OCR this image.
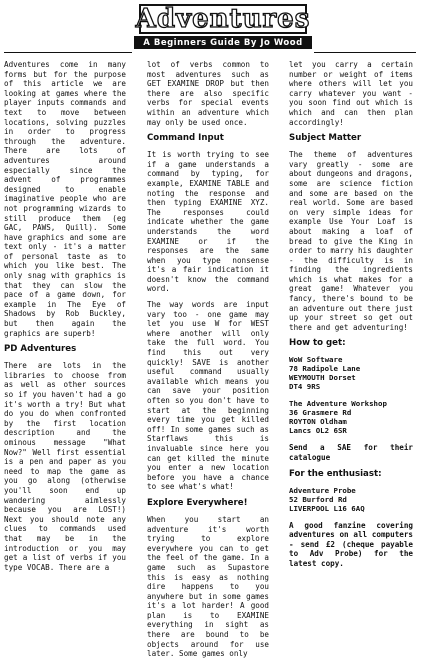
Adventures
A Beginners Guide By Jo Wood

Adventures come in many forms but for the purpose of this article we are looking at games where the player inputs commands and text to move between locations, solving puzzles in order to progress through the adventure. There are lots of adventures around especially since the advent of programmes designed to enable imaginative people who are not programming wizards to still produce them (eg GAC, PAWS, Quill). Some have graphics and some are text only - it's a matter of personal taste as to which you like best. The only snag with graphics is that they can slow the pace of a game down, for example in The Eye of Shadows by Rob Buckley, but then again the graphics are superb!

PD Adventures

There are lots in the libraries to choose from as well as other sources so if you haven't had a go it's worth a try! But what do you do when confronted by the first location description and the ominous message "What Now?" Well first essential is a pen and paper as you need to map the game as you go along (otherwise you'll soon end up wandering aimlessly because you are LOST!) Next you should note any clues to commands used that may be in the introduction or you may get a list of verbs if you type VOCAB. There are a

lot of verbs common to most adventures such as GET EXAMINE DROP but then there are also specific verbs for special events within an adventure which may only be used once.

Command Input

It is worth trying to see if a game understands a command by typing, for example, EXAMINE TABLE and noting the response and then typing EXAMINE XYZ. The responses could indicate whether the game understands the word EXAMINE or if the responses are the same when you type nonsense it's a fair indication it doesn't know the command word.

The way words are input vary too - one game may let you use W for WEST where another will only take the full word. You find this out very quickly! SAVE is another useful command usually available which means you can save your position often so you don't have to start at the beginning every time you get killed off! In some games such as Starflaws this is invaluable since here you can get killed the minute you enter a new location before you have a chance to see what's what!

Explore Everywhere!

When you start an adventure it's worth trying to explore everywhere you can to get the feel of the game. In a game such as Supastore this is easy as nothing dire happens to you anywhere but in some games it's a lot harder! A good plan is to EXAMINE everything in sight as there are bound to be objects around for use later. Some games only

let you carry a certain number or weight of items where others will let you carry whatever you want - you soon find out which is which and can then plan accordingly!

Subject Matter

The theme of adventures vary greatly - some are about dungeons and dragons, some are science fiction and some are based on the real world. Some are based on very simple ideas for example Use Your Loaf is about making a loaf of bread to give the King in order to marry his daughter - the difficulty is in finding the ingredients which is what makes for a great game! Whatever you fancy, there's bound to be an adventure out there just up your street so get out there and get adventuring!

How to get:
WoW Software
78 Radipole Lane
WEYMOUTH Dorset
DT4 9RS
The Adventure Workshop
36 Grasmere Rd
ROYTON Oldham
Lancs OL2 6SR

Send a SAE for their catalogue

For the enthusiast:
Adventure Probe
52 Burford Rd
LIVERPOOL L16 6AQ

A good fanzine covering adventures on all computers - send £2 (cheque payable to Adv Probe) for the latest copy.
